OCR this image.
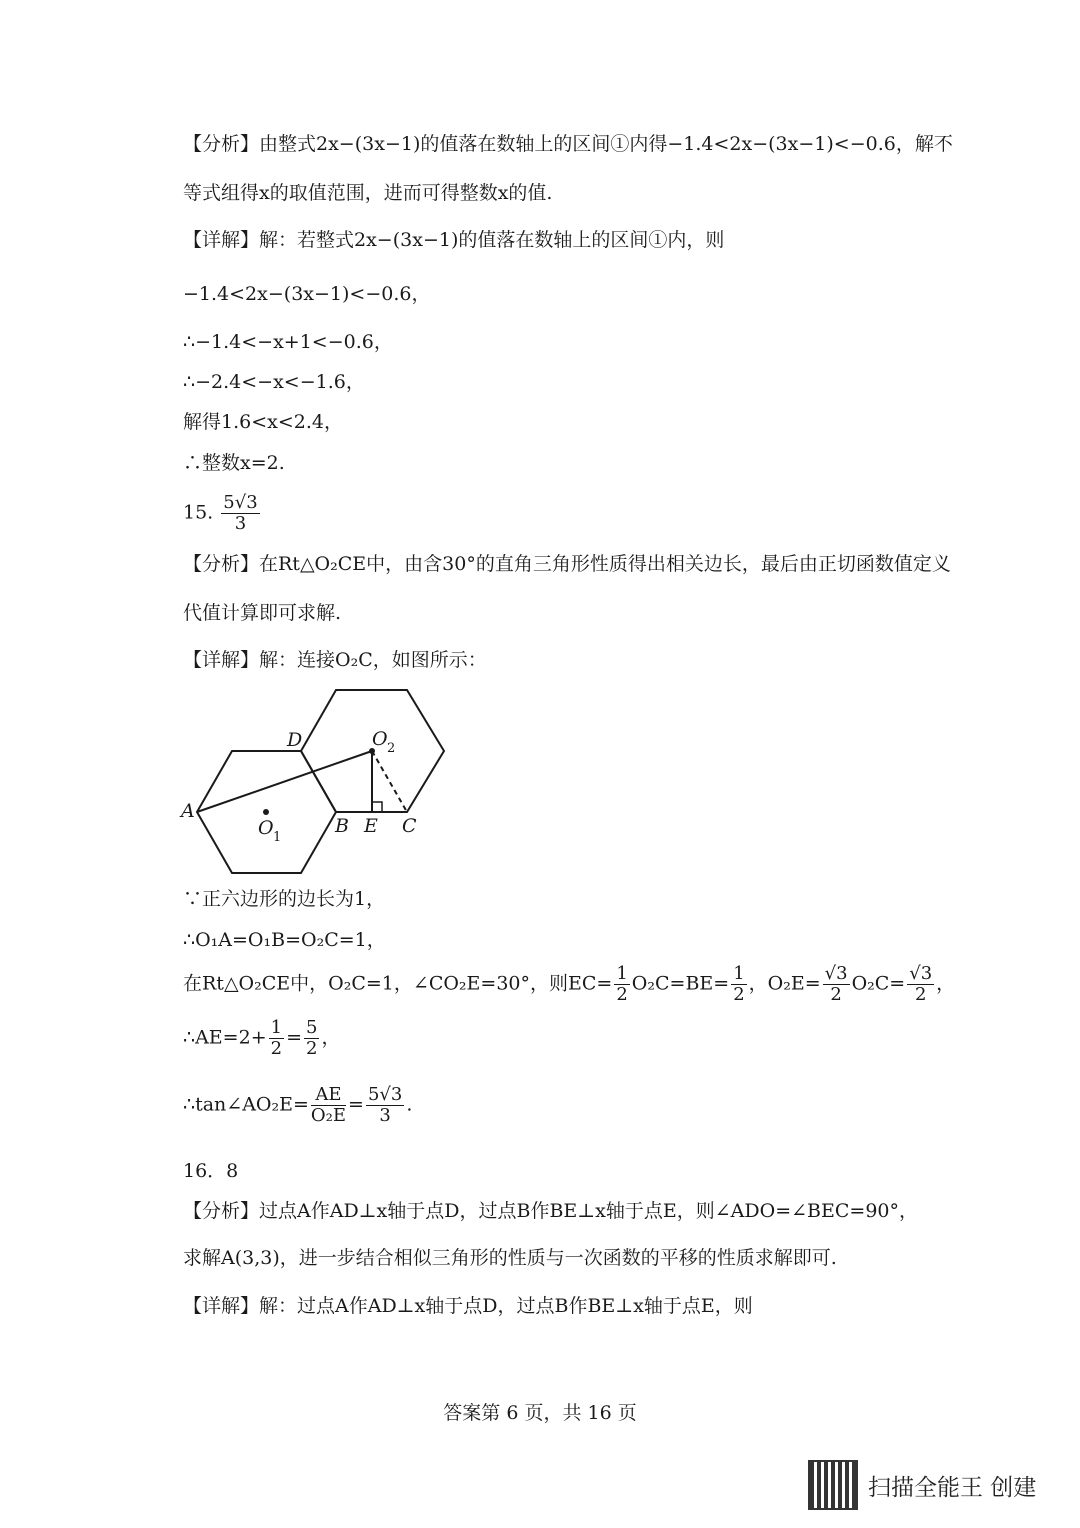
【分析】由整式2x−(3x−1)的值落在数轴上的区间①内得−1.4<2x−(3x−1)<−0.6，解不
等式组得x的取值范围，进而可得整数x的值.
【详解】解：若整式2x−(3x−1)的值落在数轴上的区间①内，则
−1.4<2x−(3x−1)<−0.6，
∴−1.4<−x+1<−0.6，
∴−2.4<−x<−1.6，
解得1.6<x<2.4，
∴整数x=2.
15. $\frac{5√3}{3}$
【分析】在Rt△O₂CE中，由含30°的直角三角形性质得出相关边长，最后由正切函数值定义
代值计算即可求解.
【详解】解：连接O₂C，如图所示：
A
D	O 2
O 1
B E C
∵正六边形的边长为1，
∴O₁A=O₁B=O₂C=1，
在Rt△O₂CE中，O₂C=1，∠CO₂E=30°，则$EC= \frac{1}{2} O_2C=BE= \frac{1}{2}$ ，$O_2E= \frac{√3}{2} O_2C= \frac{√3}{2}$ ，
∴AE=2+ $\frac{1}{2} = \frac{5}{2}$ ，
∴tan∠AO₂E= $\frac{AE}{\text{O₂E}} = \frac{5√3}{3}$ .
16．8
【分析】过点A作AD⊥x轴于点D，过点B作BE⊥x轴于点E，则∠ADO=∠BEC=90°，
求解A(3,3)，进一步结合相似三角形的性质与一次函数的平移的性质求解即可.
【详解】解：过点A作AD⊥x轴于点D，过点B作BE⊥x轴于点E，则
答案第 6 页，共 16 页
扫描全能王 创建
